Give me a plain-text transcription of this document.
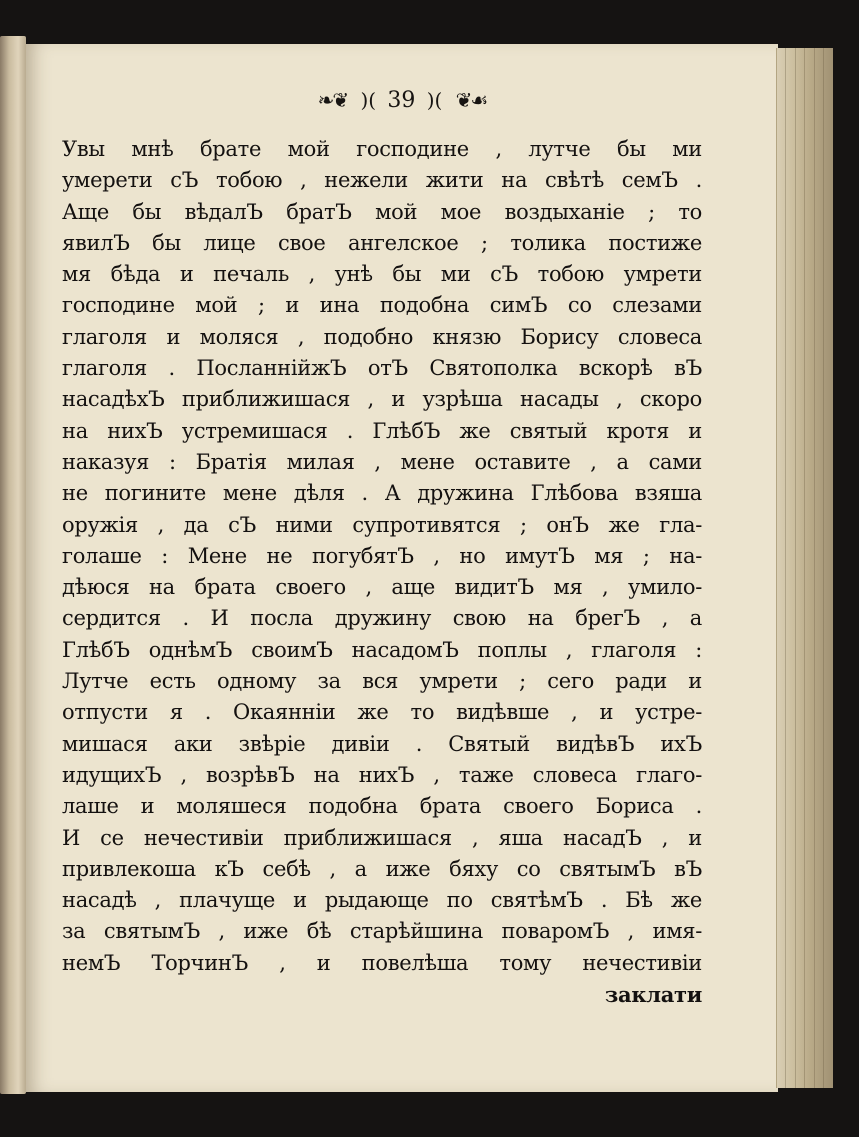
❧❦ )( 39 )( ❦☙
Увы мнѣ брате мой господине , лутче бы ми
умерети сЪ тобою , нежели жити на свѣтѣ семЪ .
Аще бы вѣдалЪ братЪ мой мое воздыханіе ; то
явилЪ бы лице свое ангелское ; толика постиже
мя бѣда и печаль , унѣ бы ми сЪ тобою умрети
господине мой ; и ина подобна симЪ со слезами
глаголя и моляся , подобно князю Борису словеса
глаголя . ПосланнійжЪ отЪ Святополка вскорѣ вЪ
насадѣхЪ приближишася , и узрѣша насады , скоро
на нихЪ устремишася . ГлѣбЪ же святый кротя и
наказуя : Братія милая , мене оставите , а сами
не погините мене дѣля . А дружина Глѣбова взяша
оружія , да сЪ ними супротивятся ; онЪ же гла-
голаше : Мене не погубятЪ , но имутЪ мя ; на-
дѣюся на брата своего , аще видитЪ мя , умило-
сердится . И посла дружину свою на брегЪ , а
ГлѣбЪ однѣмЪ своимЪ насадомЪ поплы , глаголя :
Лутче есть одному за вся умрети ; сего ради и
отпусти я . Окаяннiи же то видѣвше , и устре-
мишася аки звѣріе дивіи . Святый видѣвЪ ихЪ
идущихЪ , возрѣвЪ на нихЪ , таже словеса глаго-
лаше и моляшеся подобна брата своего Бориса .
И се нечестивіи приближишася , яша насадЪ , и
привлекоша кЪ себѣ , а иже бяху со святымЪ вЪ
насадѣ , плачуще и рыдающе по святѣмЪ . Бѣ же
за святымЪ , иже бѣ старѣйшина поваромЪ , имя-
немЪ ТорчинЪ , и повелѣша тому нечестивіи
заклати
